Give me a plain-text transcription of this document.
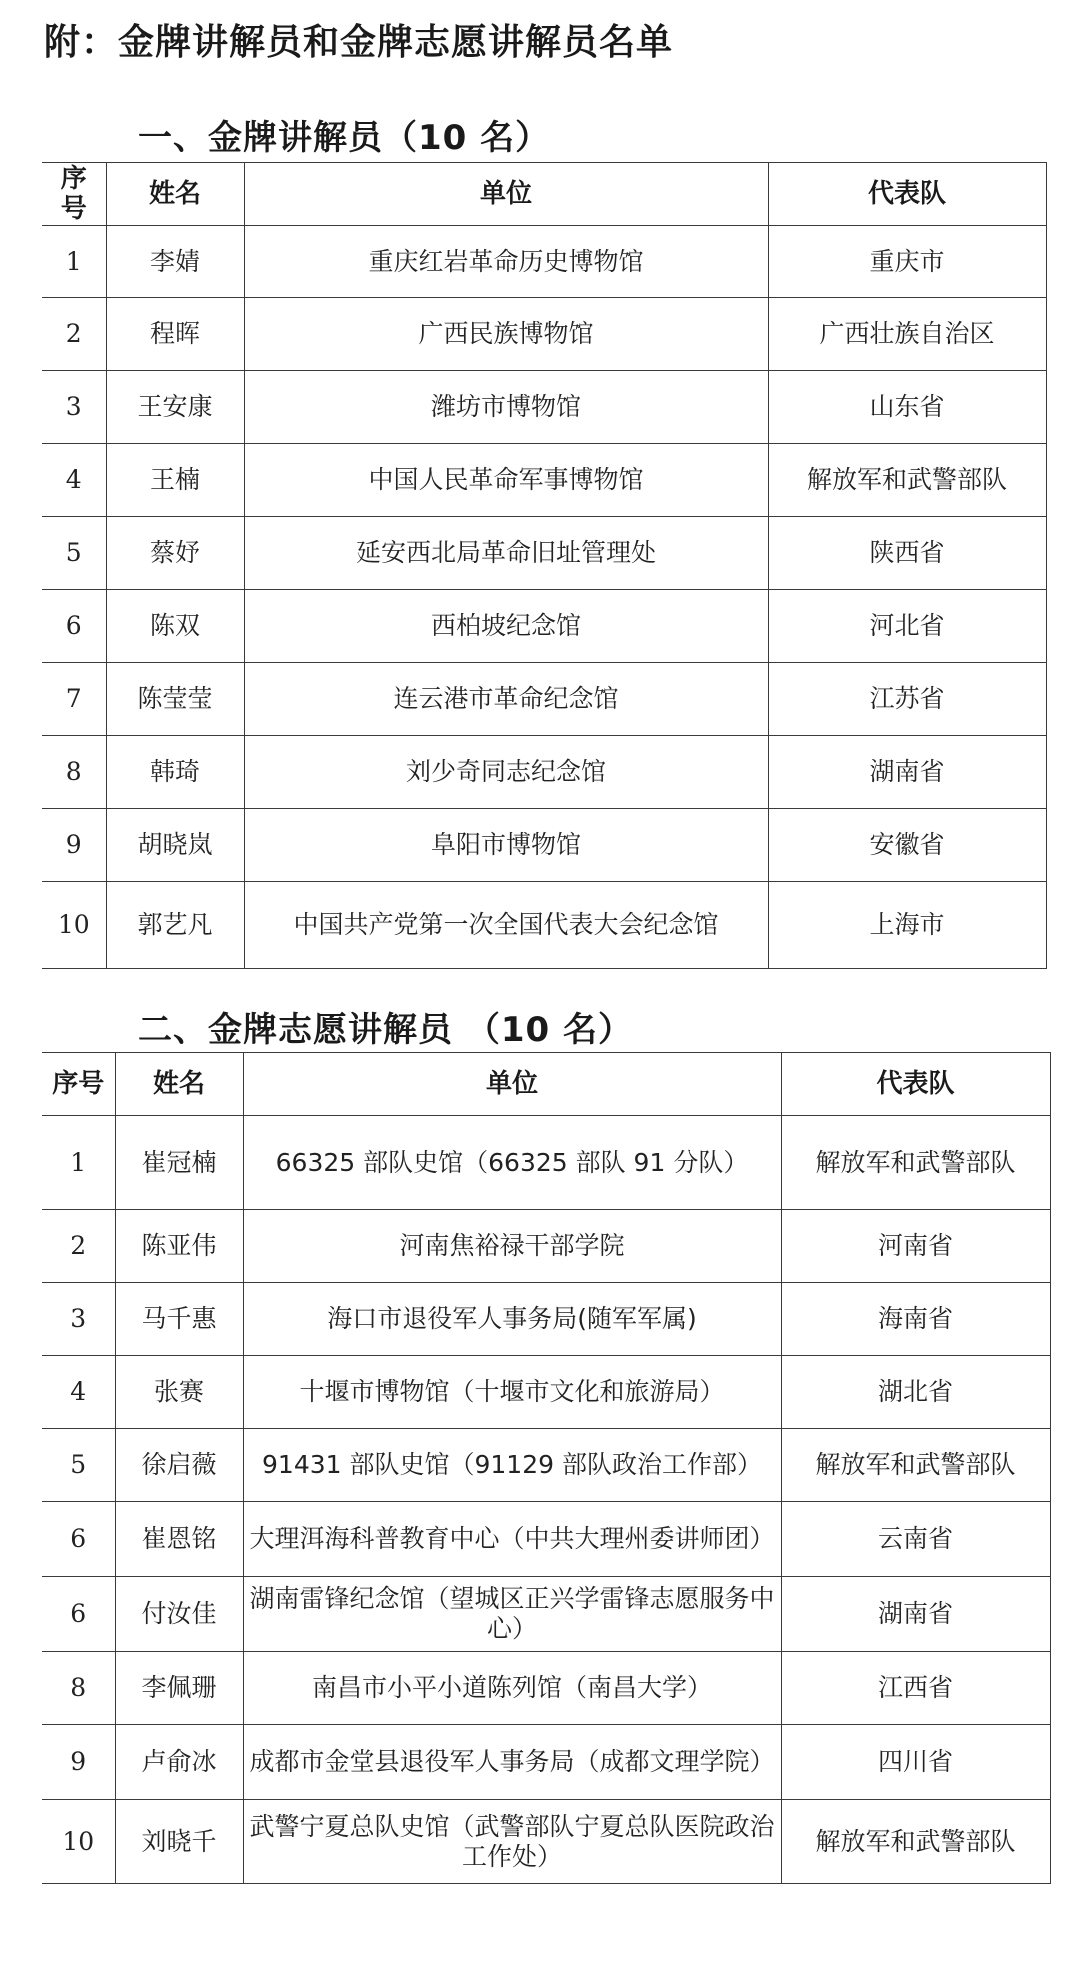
附：金牌讲解员和金牌志愿讲解员名单
一、金牌讲解员（10 名）
序号	姓名	单位	代表队
1	李婧	重庆红岩革命历史博物馆	重庆市
2	程晖	广西民族博物馆	广西壮族自治区
3	王安康	潍坊市博物馆	山东省
4	王楠	中国人民革命军事博物馆	解放军和武警部队
5	蔡妤	延安西北局革命旧址管理处	陕西省
6	陈双	西柏坡纪念馆	河北省
7	陈莹莹	连云港市革命纪念馆	江苏省
8	韩琦	刘少奇同志纪念馆	湖南省
9	胡晓岚	阜阳市博物馆	安徽省
10	郭艺凡	中国共产党第一次全国代表大会纪念馆	上海市
二、金牌志愿讲解员 （10 名）
序号	姓名	单位	代表队
1	崔冠楠	66325 部队史馆（66325 部队 91 分队）	解放军和武警部队
2	陈亚伟	河南焦裕禄干部学院	河南省
3	马千惠	海口市退役军人事务局(随军军属)	海南省
4	张赛	十堰市博物馆（十堰市文化和旅游局）	湖北省
5	徐启薇	91431 部队史馆（91129 部队政治工作部）	解放军和武警部队
6	崔恩铭	大理洱海科普教育中心（中共大理州委讲师团）	云南省
6	付汝佳	湖南雷锋纪念馆（望城区正兴学雷锋志愿服务中心）	湖南省
8	李佩珊	南昌市小平小道陈列馆（南昌大学）	江西省
9	卢俞冰	成都市金堂县退役军人事务局（成都文理学院）	四川省
10	刘晓千	武警宁夏总队史馆（武警部队宁夏总队医院政治工作处）	解放军和武警部队
